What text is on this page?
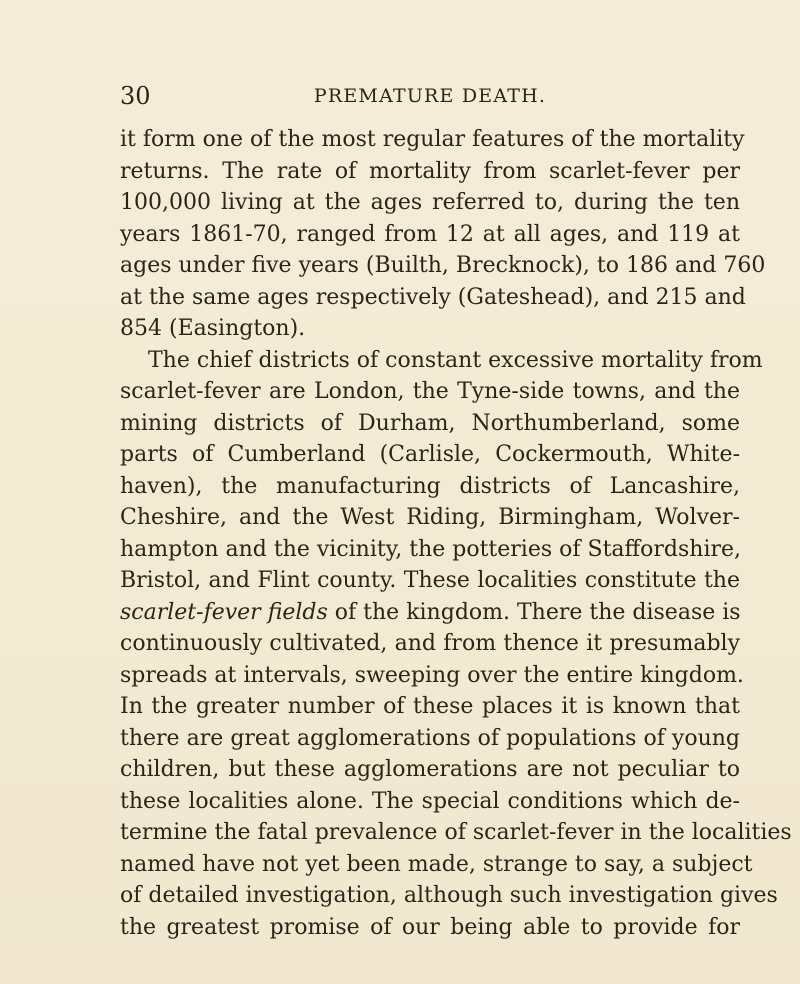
30	PREMATURE DEATH.
it form one of the most regular features of the mortality
returns. The rate of mortality from scarlet-fever per
100,000 living at the ages referred to, during the ten
years 1861-70, ranged from 12 at all ages, and 119 at
ages under five years (Builth, Brecknock), to 186 and 760
at the same ages respectively (Gateshead), and 215 and
854 (Easington).
The chief districts of constant excessive mortality from
scarlet-fever are London, the Tyne-side towns, and the
mining districts of Durham, Northumberland, some
parts of Cumberland (Carlisle, Cockermouth, White-
haven), the manufacturing districts of Lancashire,
Cheshire, and the West Riding, Birmingham, Wolver-
hampton and the vicinity, the potteries of Staffordshire,
Bristol, and Flint county. These localities constitute the
scarlet-fever fields of the kingdom. There the disease is
continuously cultivated, and from thence it presumably
spreads at intervals, sweeping over the entire kingdom.
In the greater number of these places it is known that
there are great agglomerations of populations of young
children, but these agglomerations are not peculiar to
these localities alone. The special conditions which de-
termine the fatal prevalence of scarlet-fever in the localities
named have not yet been made, strange to say, a subject
of detailed investigation, although such investigation gives
the greatest promise of our being able to provide for
